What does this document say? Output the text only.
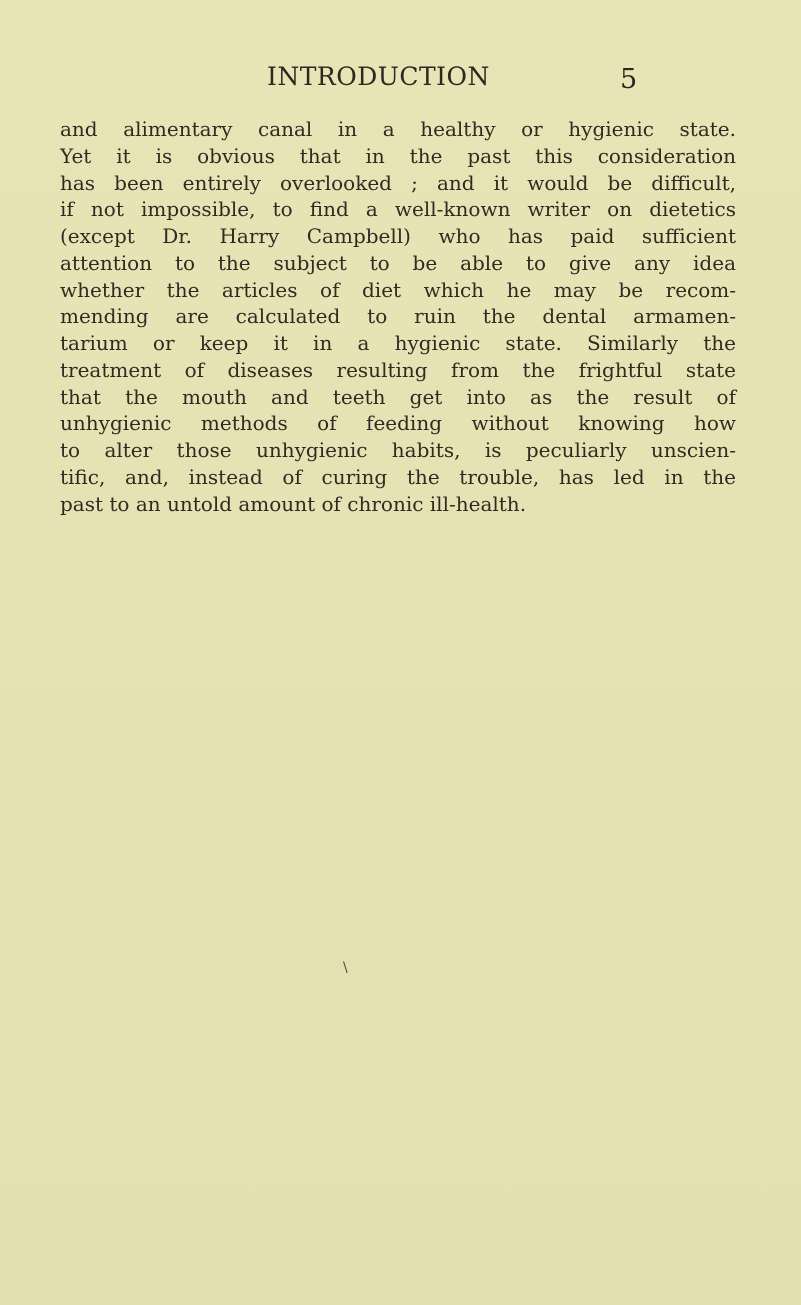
INTRODUCTION	5
and alimentary canal in a healthy or hygienic state.
Yet it is obvious that in the past this consideration
has been entirely overlooked ; and it would be difficult,
if not impossible, to find a well-known writer on dietetics
(except Dr. Harry Campbell) who has paid sufficient
attention to the subject to be able to give any idea
whether the articles of diet which he may be recom-
mending are calculated to ruin the dental armamen-
tarium or keep it in a hygienic state. Similarly the
treatment of diseases resulting from the frightful state
that the mouth and teeth get into as the result of
unhygienic methods of feeding without knowing how
to alter those unhygienic habits, is peculiarly unscien-
tific, and, instead of curing the trouble, has led in the
past to an untold amount of chronic ill-health.
\
